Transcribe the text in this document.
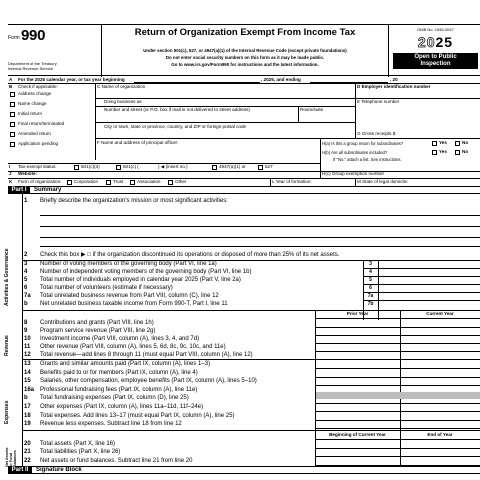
Form 990
Department of the Treasury
Internal Revenue Service
Return of Organization Exempt From Income Tax
Under section 501(c), 527, or 4947(a)(1) of the Internal Revenue Code (except private foundations)
Do not enter social security numbers on this form as it may be made public.
Go to www.irs.gov/Form990 for instructions and the latest information.
OMB No. 1545-0047
2025
Open to Public
Inspection
A For the 2025 calendar year, or tax year beginning	, 2025, and ending	, 20
B Check if applicable:
Address change
Name change
Initial return
Final return/terminated
Amended return
Application pending
C Name of organization
Doing business as
Number and street (or P.O. box if mail is not delivered to street address)	Room/suite
City or town, state or province, country, and ZIP or foreign postal code
D Employer identification number
E Telephone number
G Gross receipts $
F Name and address of principal officer:	H(a) Is this a group return for subordinates?	Yes	No
H(b) Are all subordinates included?	Yes	No
If "No," attach a list. See instructions.
I Tax-exempt status:	501(c)(3)	501(c) (	) ◀ (insert no.)	4947(a)(1) or	527
J Website:	H(c) Group exemption number
K Form of organization:	Corporation	Trust	Association	Other	L Year of formation:	M State of legal domicile:
Part I	Summary
Activities & Governance
Revenue
Expenses
Net Assets or Fund Balances
1	Briefly describe the organization's mission or most significant activities:
2	Check this box ▶ □ if the organization discontinued its operations or disposed of more than 25% of its net assets.
3	Number of voting members of the governing body (Part VI, line 1a)	3
4	Number of independent voting members of the governing body (Part VI, line 1b)	4
5	Total number of individuals employed in calendar year 2025 (Part V, line 2a)	5
6	Total number of volunteers (estimate if necessary)	6
7a	Total unrelated business revenue from Part VIII, column (C), line 12	7a
b	Net unrelated business taxable income from Form 990-T, Part I, line 11	7b
Prior Year	Current Year
8	Contributions and grants (Part VIII, line 1h)
9	Program service revenue (Part VIII, line 2g)
10	Investment income (Part VIII, column (A), lines 3, 4, and 7d)
11	Other revenue (Part VIII, column (A), lines 5, 6d, 8c, 9c, 10c, and 11e)
12	Total revenue—add lines 8 through 11 (must equal Part VIII, column (A), line 12)
13	Grants and similar amounts paid (Part IX, column (A), lines 1–3)
14	Benefits paid to or for members (Part IX, column (A), line 4)
15	Salaries, other compensation, employee benefits (Part IX, column (A), lines 5–10)
16a Professional fundraising fees (Part IX, column (A), line 11e)
b	Total fundraising expenses (Part IX, column (D), line 25)
17	Other expenses (Part IX, column (A), lines 11a–11d, 11f–24e)
18	Total expenses. Add lines 13–17 (must equal Part IX, column (A), line 25)
19	Revenue less expenses. Subtract line 18 from line 12
Beginning of Current Year	End of Year
20	Total assets (Part X, line 16)
21	Total liabilities (Part X, line 26)
22	Net assets or fund balances. Subtract line 21 from line 20
Part II	Signature Block
